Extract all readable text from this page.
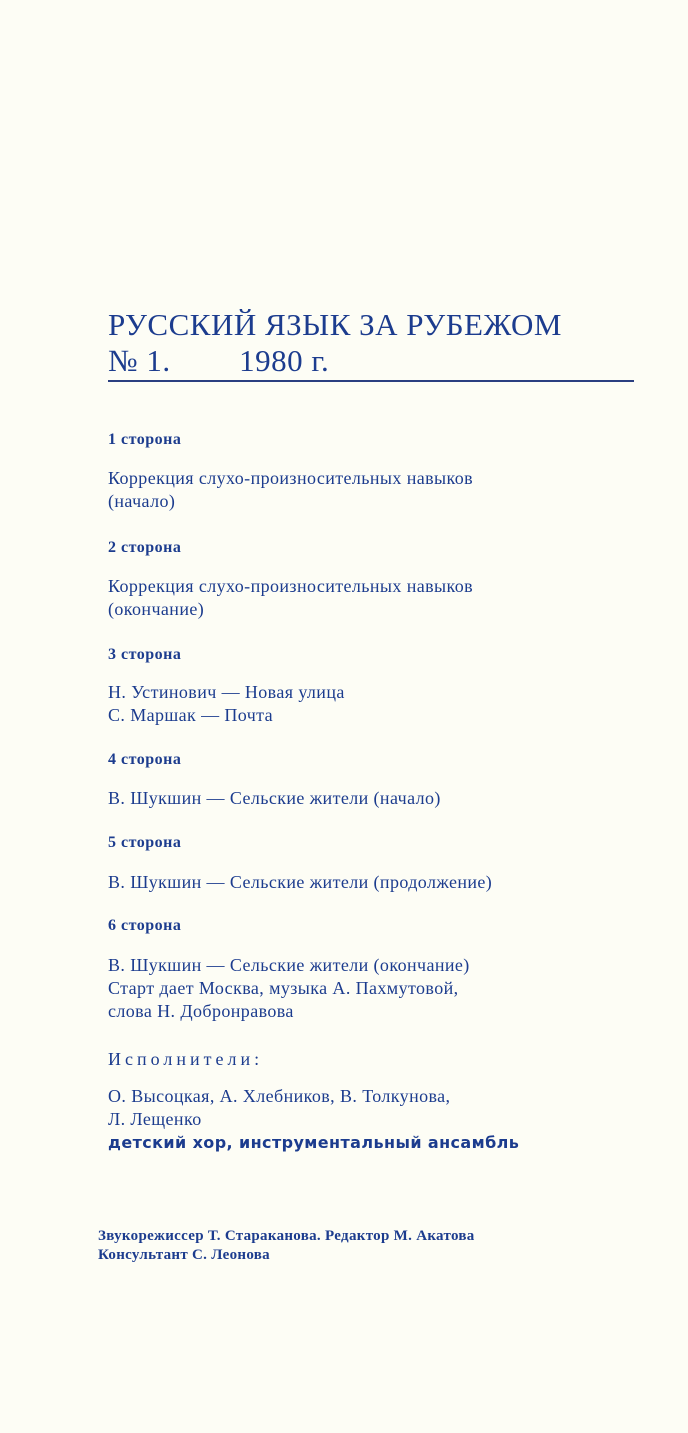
РУССКИЙ ЯЗЫК ЗА РУБЕЖОМ
№ 1. 1980 г.
1 сторона
Коррекция слухо-произносительных навыков
(начало)
2 сторона
Коррекция слухо-произносительных навыков
(окончание)
3 сторона
Н. Устинович — Новая улица
С. Маршак — Почта
4 сторона
В. Шукшин — Сельские жители (начало)
5 сторона
В. Шукшин — Сельские жители (продолжение)
6 сторона
В. Шукшин — Сельские жители (окончание)
Старт дает Москва, музыка А. Пахмутовой,
слова Н. Добронравова
Исполнители:
О. Высоцкая, А. Хлебников, В. Толкунова,
Л. Лещенко
детский хор, инструментальный ансамбль
Звукорежиссер Т. Стараканова. Редактор М. Акатова
Консультант С. Леонова
